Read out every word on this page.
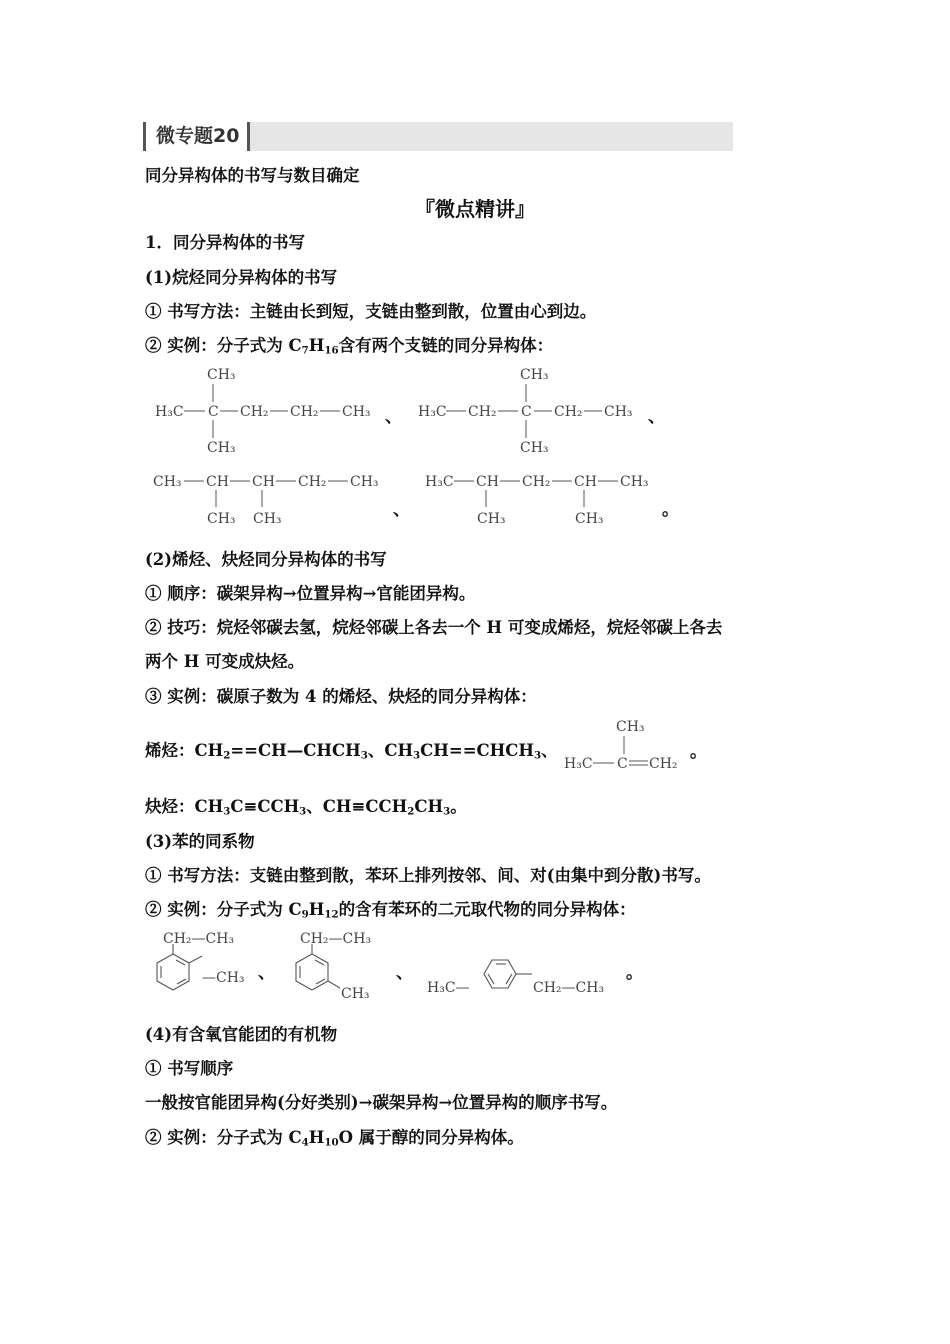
微专题20
同分异构体的书写与数目确定
『微点精讲』
1．同分异构体的书写
(1)烷烃同分异构体的书写
① 书写方法：主链由长到短，支链由整到散，位置由心到边。
② 实例：分子式为 $C_7H_{16}$含有两个支链的同分异构体：
CH₃
H₃C C CH₂ CH₂ CH₃
CH₃
CH₃
H₃C CH₂ C CH₂ CH₃
CH₃
、	、
CH₃ CH CH CH₂ CH₃
CH₃ CH₃
H₃C CH CH₂ CH CH₃
CH₃	CH₃
、	。
(2)烯烃、炔烃同分异构体的书写
① 顺序：碳架异构→位置异构→官能团异构。
② 技巧：烷烃邻碳去氢，烷烃邻碳上各去一个 H 可变成烯烃，烷烃邻碳上各去
两个 H 可变成炔烃。
③ 实例：碳原子数为 4 的烯烃、炔烃的同分异构体：
烯烃：$CH_2==CH—CHCH_3$、$CH_3CH==CHCH_3$、
CH₃
H₃C C CH₂
。
炔烃：$CH_3C\equiv CCH_3$、$CH\equiv CCH_2CH_3$。
(3)苯的同系物
① 书写方法：支链由整到散，苯环上排列按邻、间、对(由集中到分散)书写。
② 实例：分子式为 $C_9H_{12}$的含有苯环的二元取代物的同分异构体：
CH₂—CH₃
—CH₃
CH₂—CH₃
CH₃	H₃C—	CH₂—CH₃
、	、	。
(4)有含氧官能团的有机物
① 书写顺序
一般按官能团异构(分好类别)→碳架异构→位置异构的顺序书写。
② 实例：分子式为 $C_4H_{10}O$ 属于醇的同分异构体。
